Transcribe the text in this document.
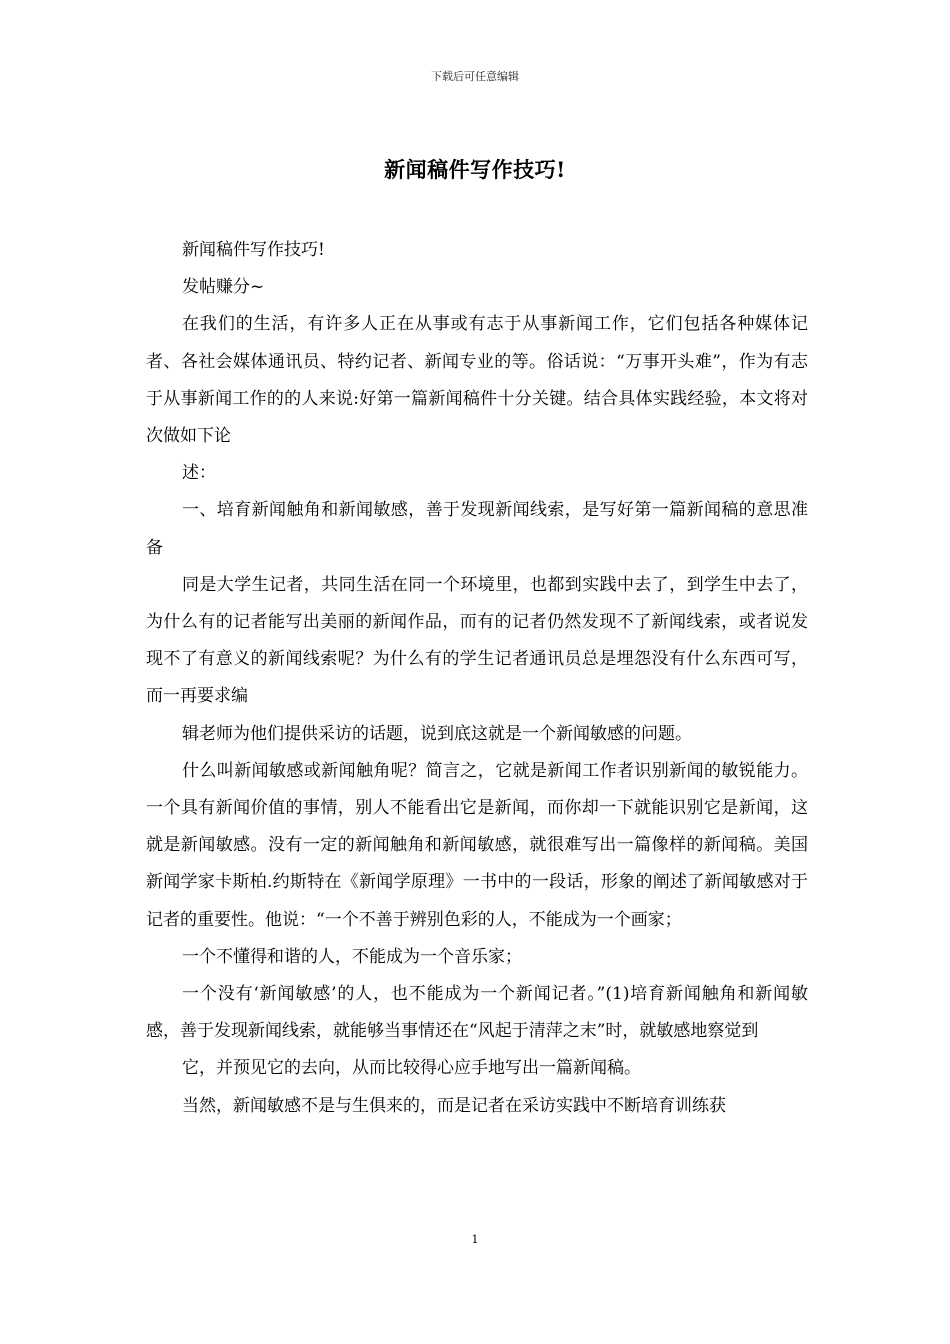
下载后可任意编辑
新闻稿件写作技巧!

新闻稿件写作技巧!

发帖赚分~

在我们的生活，有许多人正在从事或有志于从事新闻工作，它们包括各种媒体记者、各社会媒体通讯员、特约记者、新闻专业的等。俗话说：“万事开头难”，作为有志于从事新闻工作的的人来说:好第一篇新闻稿件十分关键。结合具体实践经验，本文将对次做如下论

述：

一、培育新闻触角和新闻敏感，善于发现新闻线索，是写好第一篇新闻稿的意思准备

同是大学生记者，共同生活在同一个环境里，也都到实践中去了，到学生中去了，为什么有的记者能写出美丽的新闻作品，而有的记者仍然发现不了新闻线索，或者说发现不了有意义的新闻线索呢？为什么有的学生记者通讯员总是埋怨没有什么东西可写，而一再要求编

辑老师为他们提供采访的话题，说到底这就是一个新闻敏感的问题。

什么叫新闻敏感或新闻触角呢？简言之，它就是新闻工作者识别新闻的敏锐能力。一个具有新闻价值的事情，别人不能看出它是新闻，而你却一下就能识别它是新闻，这就是新闻敏感。没有一定的新闻触角和新闻敏感，就很难写出一篇像样的新闻稿。美国新闻学家卡斯柏.约斯特在《新闻学原理》一书中的一段话，形象的阐述了新闻敏感对于记者的重要性。他说：“一个不善于辨别色彩的人，不能成为一个画家；

一个不懂得和谐的人，不能成为一个音乐家；

一个没有‘新闻敏感’的人，也不能成为一个新闻记者。”(1)培育新闻触角和新闻敏感，善于发现新闻线索，就能够当事情还在“风起于清萍之末”时，就敏感地察觉到

它，并预见它的去向，从而比较得心应手地写出一篇新闻稿。

当然，新闻敏感不是与生俱来的，而是记者在采访实践中不断培育训练获

1
